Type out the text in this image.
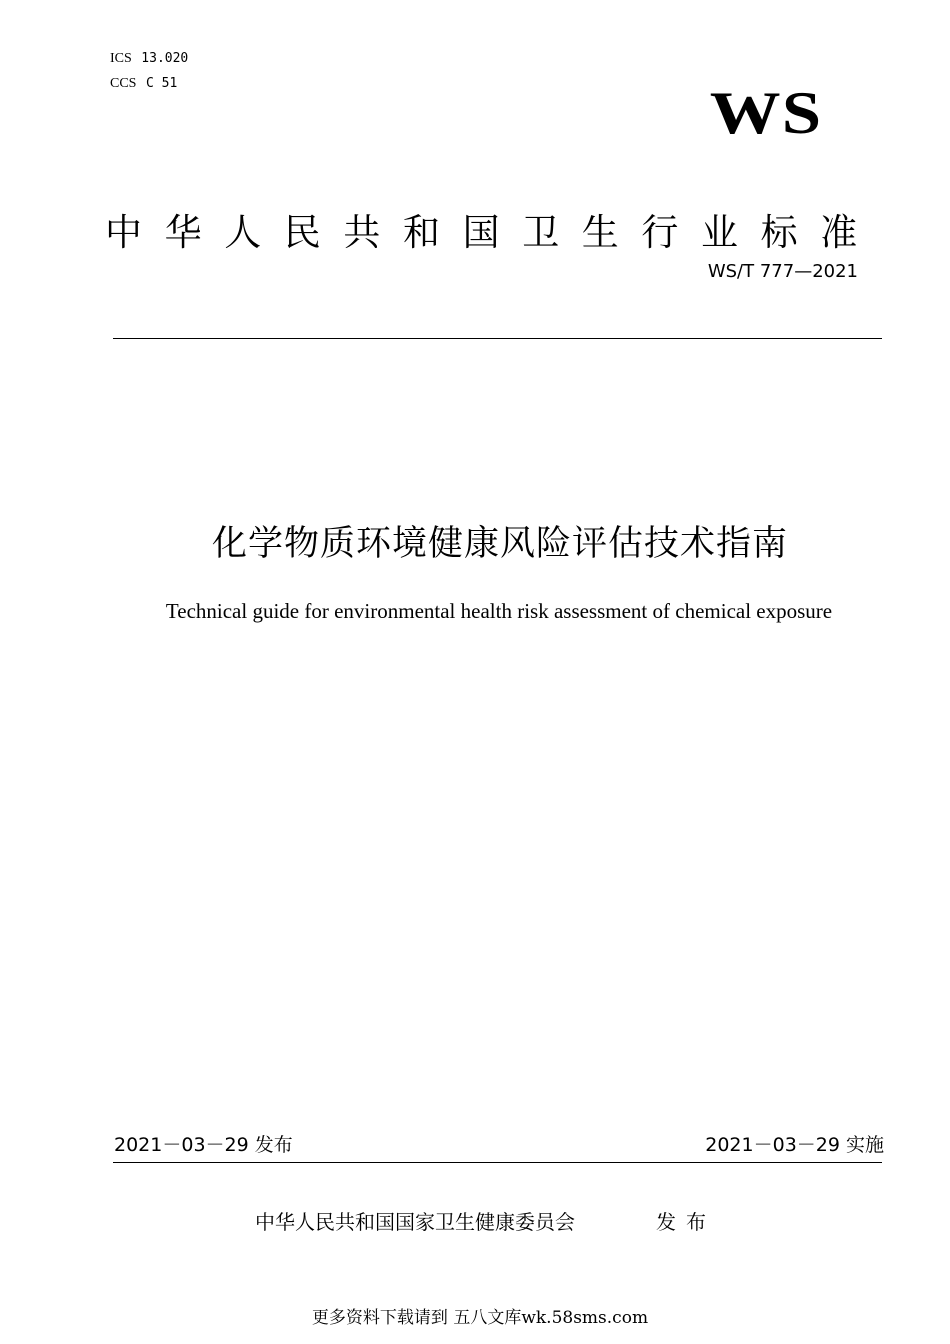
ICS 13.020
CCS C 51	WS
中华人民共和国卫生行业标准
WS/T 777—2021
化学物质环境健康风险评估技术指南
Technical guide for environmental health risk assessment of chemical exposure
2021－03－29 发布	2021－03－29 实施
中华人民共和国国家卫生健康委员会	发布
更多资料下载请到 五八文库wk.58sms.com
